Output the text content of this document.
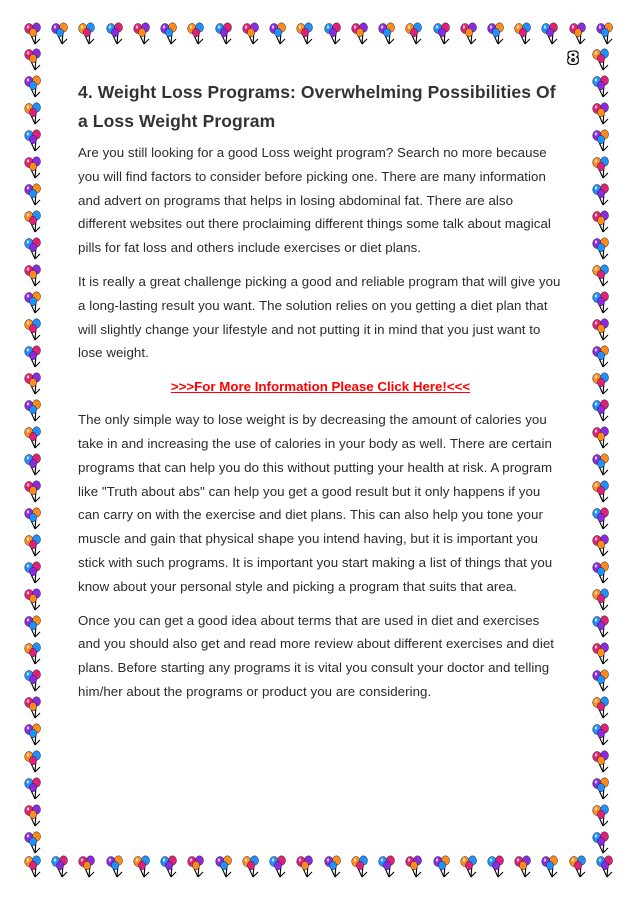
8
4. Weight Loss Programs: Overwhelming Possibilities Of a Loss Weight Program

Are you still looking for a good Loss weight program? Search no more because you will find factors to consider before picking one. There are many information and advert on programs that helps in losing abdominal fat. There are also different websites out there proclaiming different things some talk about magical pills for fat loss and others include exercises or diet plans.

It is really a great challenge picking a good and reliable program that will give you a long-lasting result you want. The solution relies on you getting a diet plan that will slightly change your lifestyle and not putting it in mind that you just want to lose weight.

>>>For More Information Please Click Here!<<<

The only simple way to lose weight is by decreasing the amount of calories you take in and increasing the use of calories in your body as well. There are certain programs that can help you do this without putting your health at risk. A program like "Truth about abs" can help you get a good result but it only happens if you can carry on with the exercise and diet plans. This can also help you tone your muscle and gain that physical shape you intend having, but it is important you stick with such programs. It is important you start making a list of things that you know about your personal style and picking a program that suits that area.

Once you can get a good idea about terms that are used in diet and exercises and you should also get and read more review about different exercises and diet plans. Before starting any programs it is vital you consult your doctor and telling him/her about the programs or product you are considering.
